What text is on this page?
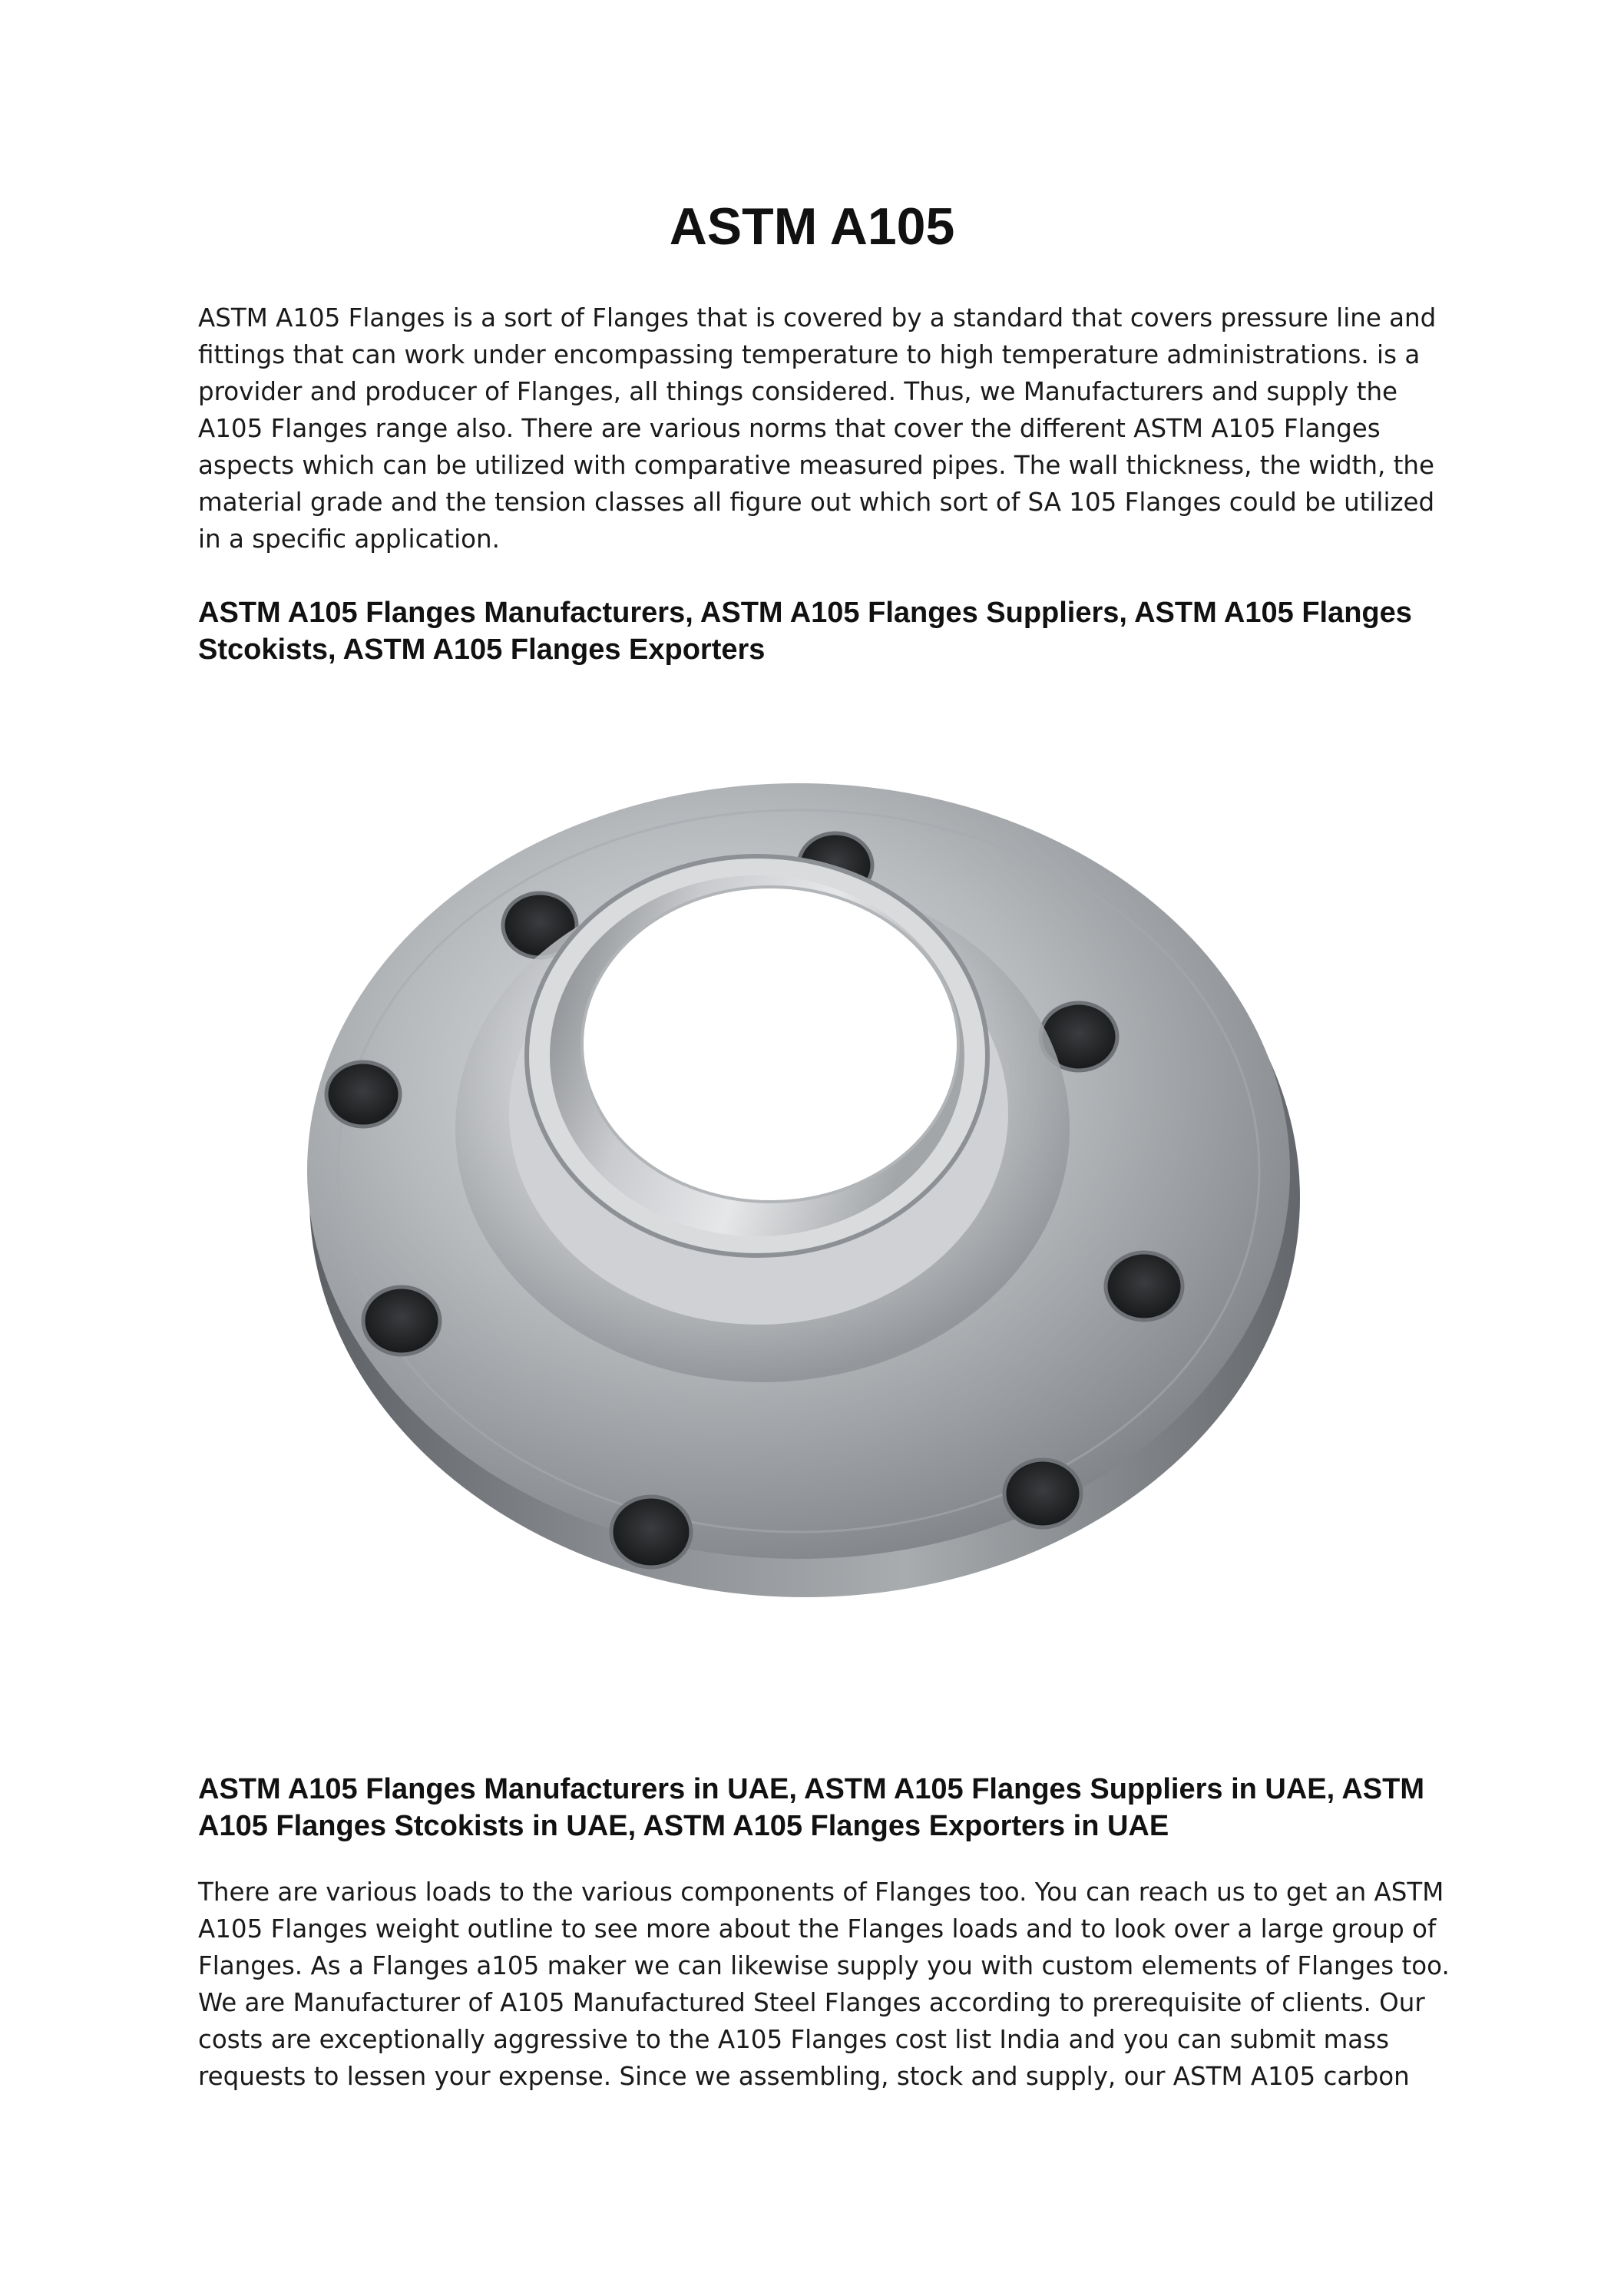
ASTM A105

ASTM A105 Flanges is a sort of Flanges that is covered by a standard that covers pressure line and fittings that can work under encompassing temperature to high temperature administrations. is a provider and producer of Flanges, all things considered. Thus, we Manufacturers and supply the A105 Flanges range also. There are various norms that cover the different ASTM A105 Flanges aspects which can be utilized with comparative measured pipes. The wall thickness, the width, the material grade and the tension classes all figure out which sort of SA 105 Flanges could be utilized in a specific application.

ASTM A105 Flanges Manufacturers, ASTM A105 Flanges Suppliers, ASTM A105 Flanges Stcokists, ASTM A105 Flanges Exporters
ASTM A105 Flanges Manufacturers in UAE, ASTM A105 Flanges Suppliers in UAE, ASTM A105 Flanges Stcokists in UAE, ASTM A105 Flanges Exporters in UAE

There are various loads to the various components of Flanges too. You can reach us to get an ASTM A105 Flanges weight outline to see more about the Flanges loads and to look over a large group of Flanges. As a Flanges a105 maker we can likewise supply you with custom elements of Flanges too. We are Manufacturer of A105 Manufactured Steel Flanges according to prerequisite of clients. Our costs are exceptionally aggressive to the A105 Flanges cost list India and you can submit mass requests to lessen your expense. Since we assembling, stock and supply, our ASTM A105 carbon
